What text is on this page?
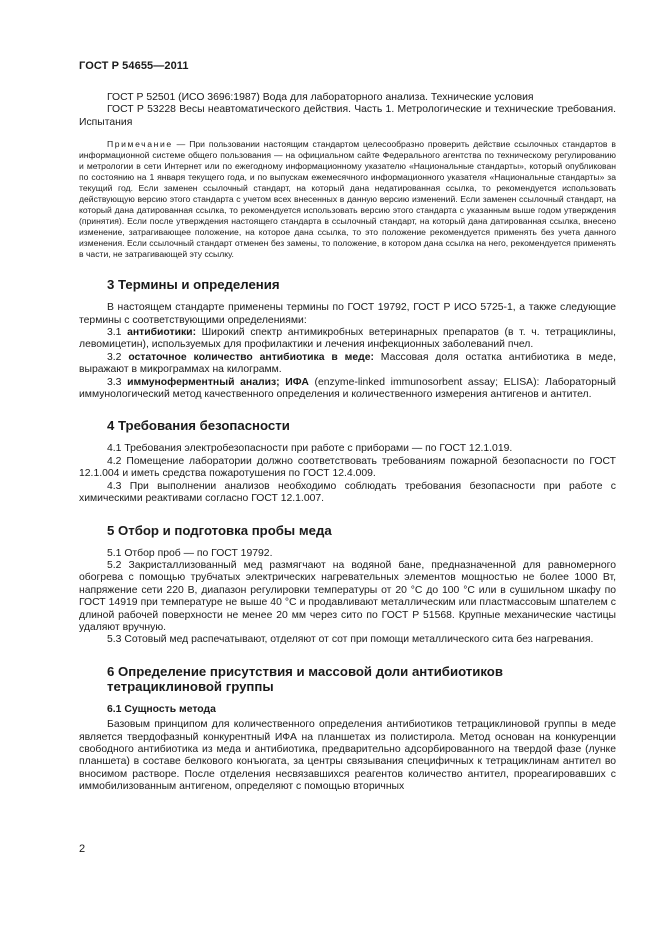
ГОСТ Р 54655—2011

ГОСТ Р 52501 (ИСО 3696:1987) Вода для лабораторного анализа. Технические условия

ГОСТ Р 53228 Весы неавтоматического действия. Часть 1. Метрологические и технические требования. Испытания

Примечание — При пользовании настоящим стандартом целесообразно проверить действие ссылочных стандартов в информационной системе общего пользования — на официальном сайте Федерального агентства по техническому регулированию и метрологии в сети Интернет или по ежегодному информационному указателю «Национальные стандарты», который опубликован по состоянию на 1 января текущего года, и по выпускам ежемесячного информационного указателя «Национальные стандарты» за текущий год. Если заменен ссылочный стандарт, на который дана недатированная ссылка, то рекомендуется использовать действующую версию этого стандарта с учетом всех внесенных в данную версию изменений. Если заменен ссылочный стандарт, на который дана датированная ссылка, то рекомендуется использовать версию этого стандарта с указанным выше годом утверждения (принятия). Если после утверждения настоящего стандарта в ссылочный стандарт, на который дана датированная ссылка, внесено изменение, затрагивающее положение, на которое дана ссылка, то это положение рекомендуется применять без учета данного изменения. Если ссылочный стандарт отменен без замены, то положение, в котором дана ссылка на него, рекомендуется применять в части, не затрагивающей эту ссылку.

3 Термины и определения

В настоящем стандарте применены термины по ГОСТ 19792, ГОСТ Р ИСО 5725-1, а также следующие термины с соответствующими определениями:

3.1 антибиотики: Широкий спектр антимикробных ветеринарных препаратов (в т. ч. тетрациклины, левомицетин), используемых для профилактики и лечения инфекционных заболеваний пчел.

3.2 остаточное количество антибиотика в меде: Массовая доля остатка антибиотика в меде, выражают в микрограммах на килограмм.

3.3 иммуноферментный анализ; ИФА (enzyme-linked immunosorbent assay; ELISA): Лабораторный иммунологический метод качественного определения и количественного измерения антигенов и антител.

4 Требования безопасности

4.1 Требования электробезопасности при работе с приборами — по ГОСТ 12.1.019.

4.2 Помещение лаборатории должно соответствовать требованиям пожарной безопасности по ГОСТ 12.1.004 и иметь средства пожаротушения по ГОСТ 12.4.009.

4.3 При выполнении анализов необходимо соблюдать требования безопасности при работе с химическими реактивами согласно ГОСТ 12.1.007.

5 Отбор и подготовка пробы меда

5.1 Отбор проб — по ГОСТ 19792.

5.2 Закристаллизованный мед размягчают на водяной бане, предназначенной для равномерного обогрева с помощью трубчатых электрических нагревательных элементов мощностью не более 1000 Вт, напряжение сети 220 В, диапазон регулировки температуры от 20 °С до 100 °С или в сушильном шкафу по ГОСТ 14919 при температуре не выше 40 °С и продавливают металлическим или пластмассовым шпателем с длиной рабочей поверхности не менее 20 мм через сито по ГОСТ Р 51568. Крупные механические частицы удаляют вручную.

5.3 Сотовый мед распечатывают, отделяют от сот при помощи металлического сита без нагревания.

6 Определение присутствия и массовой доли антибиотиков тетрациклиновой группы
6.1 Сущность метода

Базовым принципом для количественного определения антибиотиков тетрациклиновой группы в меде является твердофазный конкурентный ИФА на планшетах из полистирола. Метод основан на конкуренции свободного антибиотика из меда и антибиотика, предварительно адсорбированного на твердой фазе (лунке планшета) в составе белкового конъюгата, за центры связывания специфичных к тетрациклинам антител во вносимом растворе. После отделения несвязавшихся реагентов количество антител, прореагировавших с иммобилизованным антигеном, определяют с помощью вторичных

2
